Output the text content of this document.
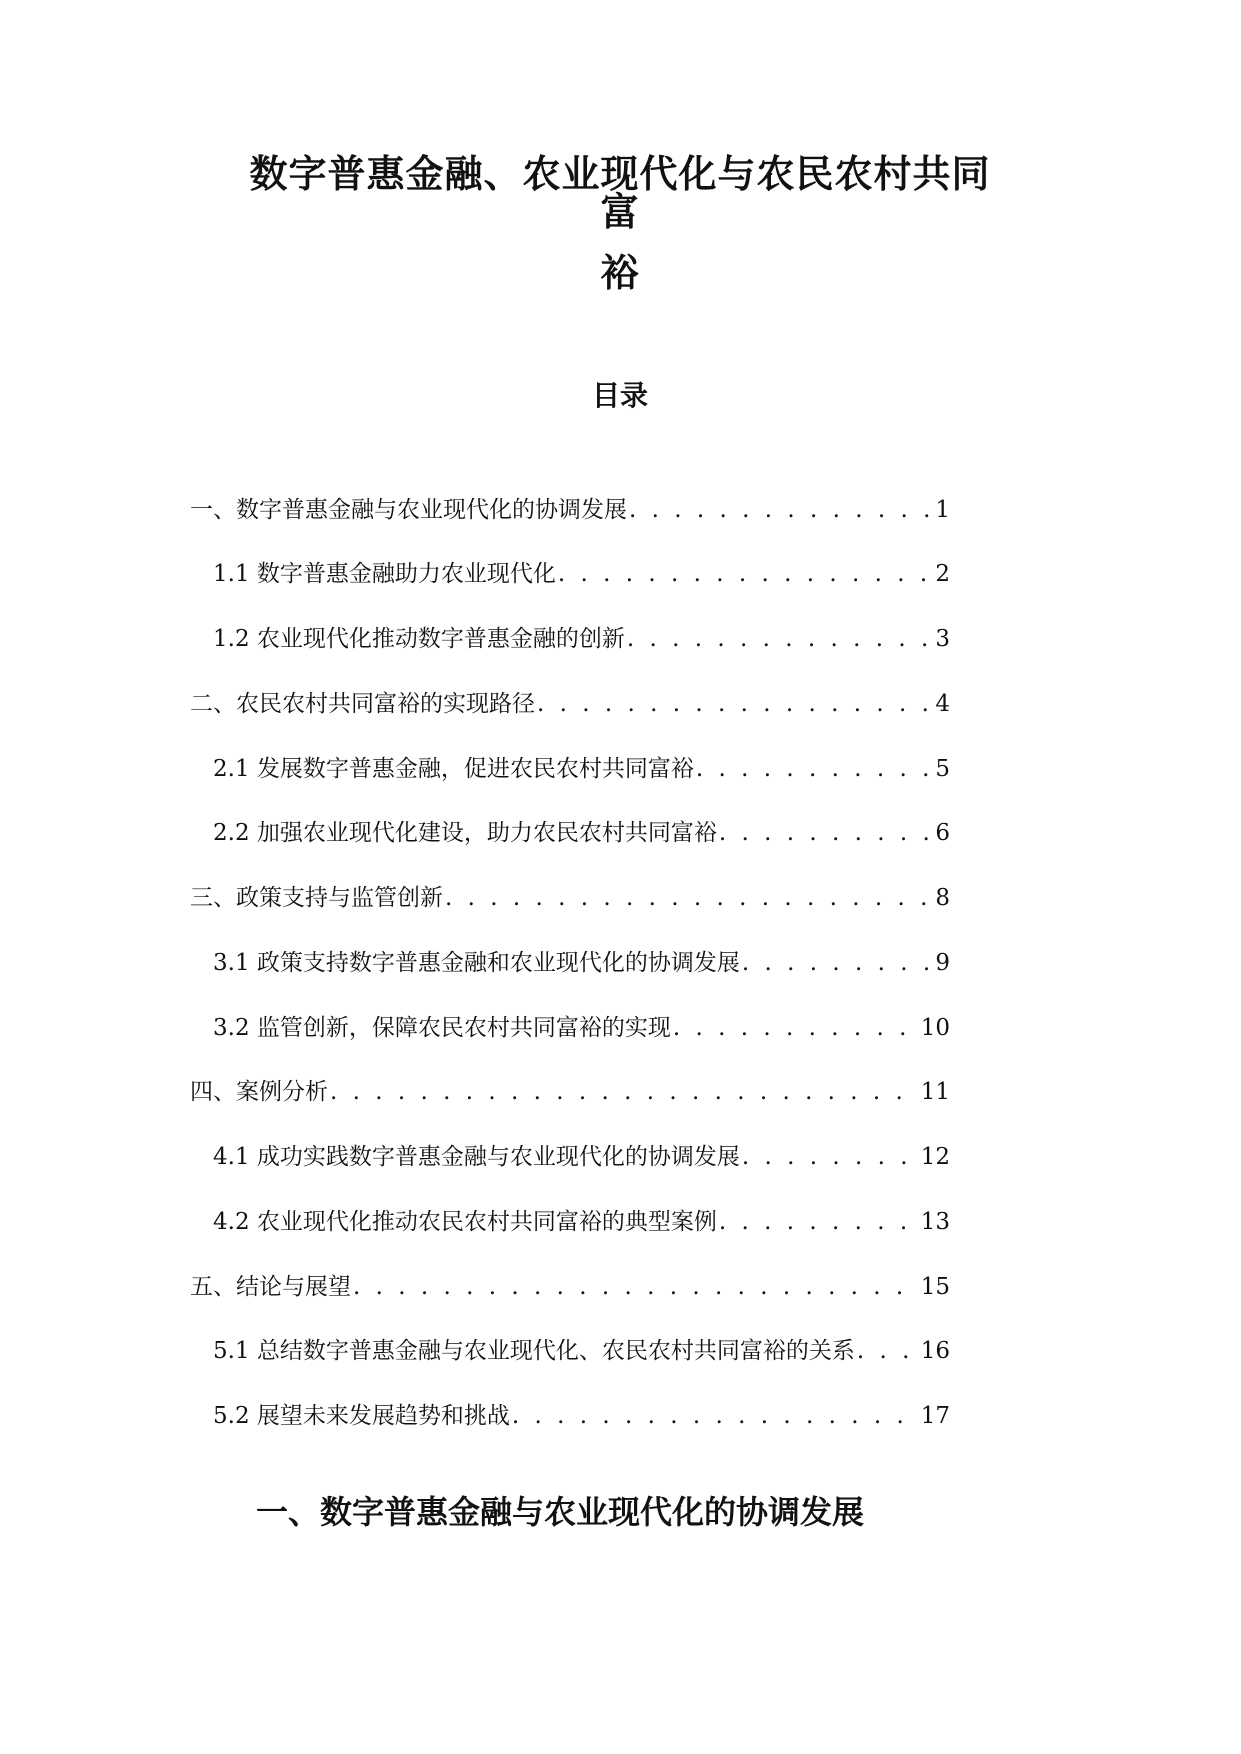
数字普惠金融、农业现代化与农民农村共同富
裕
目录
一、数字普惠金融与农业现代化的协调发展 . . .	1
1.1 数字普惠金融助力农业现代化 . . .	2
1.2 农业现代化推动数字普惠金融的创新 . . .	3
二、农民农村共同富裕的实现路径 . . .	4
2.1 发展数字普惠金融，促进农民农村共同富裕 . . .	5
2.2 加强农业现代化建设，助力农民农村共同富裕 . . .	6
三、政策支持与监管创新 . . .	8
3.1 政策支持数字普惠金融和农业现代化的协调发展 . . .	9
3.2 监管创新，保障农民农村共同富裕的实现 . . .	10
四、案例分析 . . .	11
4.1 成功实践数字普惠金融与农业现代化的协调发展 . . .	12
4.2 农业现代化推动农民农村共同富裕的典型案例 . . .	13
五、结论与展望 . . .	15
5.1 总结数字普惠金融与农业现代化、农民农村共同富裕的关系 . . .	16
5.2 展望未来发展趋势和挑战 . . .	17
一、数字普惠金融与农业现代化的协调发展
